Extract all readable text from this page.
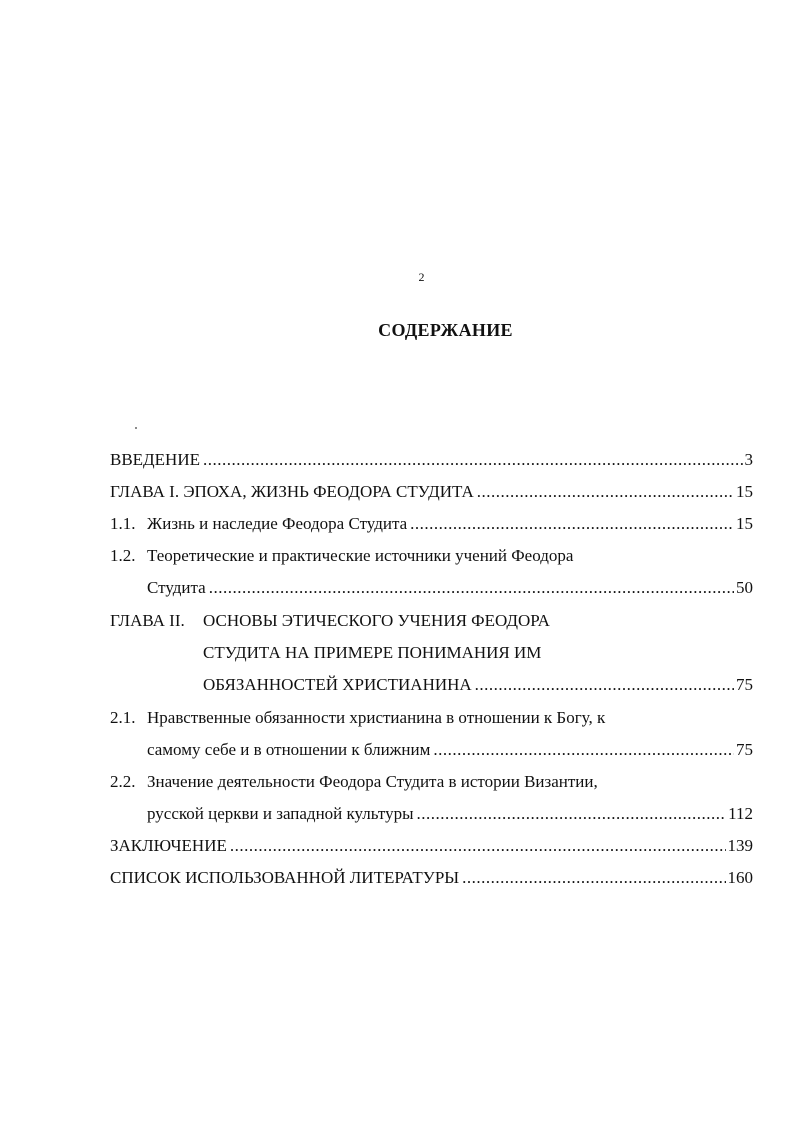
2
СОДЕРЖАНИЕ
ВВЕДЕНИЕ .....	3
ГЛАВА I. ЭПОХА, ЖИЗНЬ ФЕОДОРА СТУДИТА .....	15
1.1. Жизнь и наследие Феодора Студита .....	15
1.2. Теоретические и практические источники учений Феодора
Студита .....	50
ГЛАВА II. ОСНОВЫ ЭТИЧЕСКОГО УЧЕНИЯ ФЕОДОРА
СТУДИТА НА ПРИМЕРЕ ПОНИМАНИЯ ИМ
ОБЯЗАННОСТЕЙ ХРИСТИАНИНА .....	75
2.1. Нравственные обязанности христианина в отношении к Богу, к
самому себе и в отношении к ближним .....	75
2.2. Значение деятельности Феодора Студита в истории Византии,
русской церкви и западной культуры .....	112
ЗАКЛЮЧЕНИЕ .....	139
СПИСОК ИСПОЛЬЗОВАННОЙ ЛИТЕРАТУРЫ .....	160
